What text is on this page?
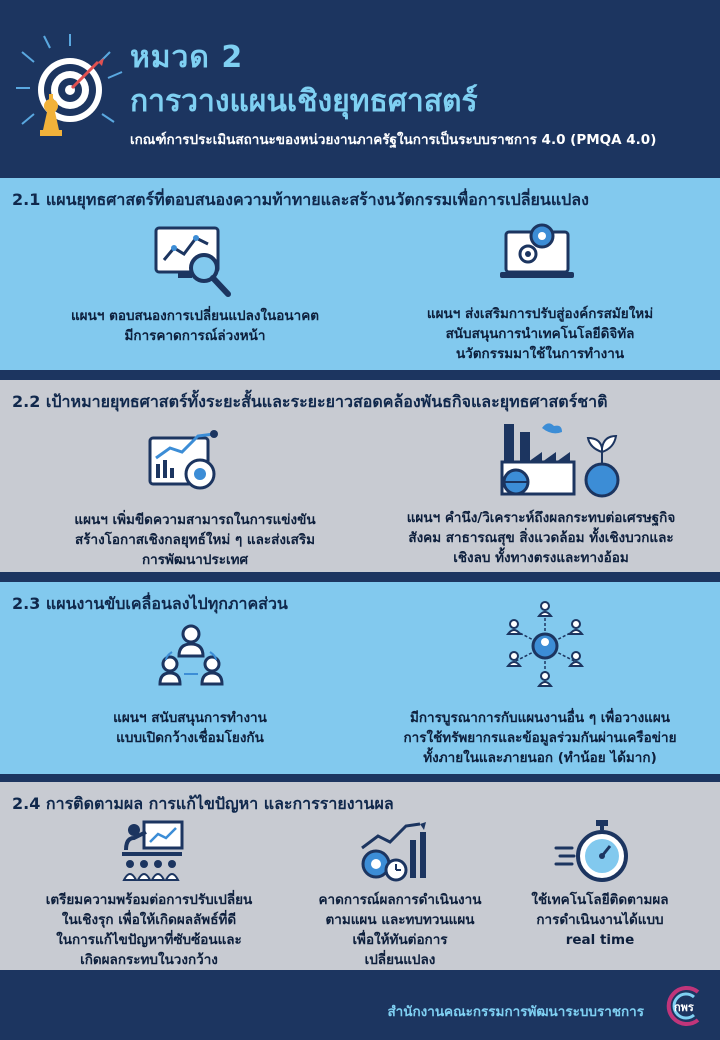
หมวด 2
การวางแผนเชิงยุทธศาสตร์
เกณฑ์การประเมินสถานะของหน่วยงานภาครัฐในการเป็นระบบราชการ 4.0 (PMQA 4.0)
2.1 แผนยุทธศาสตร์ที่ตอบสนองความท้าทายและสร้างนวัตกรรมเพื่อการเปลี่ยนแปลง
แผนฯ ตอบสนองการเปลี่ยนแปลงในอนาคต
มีการคาดการณ์ล่วงหน้า
แผนฯ ส่งเสริมการปรับสู่องค์กรสมัยใหม่
สนับสนุนการนำเทคโนโลยีดิจิทัล
นวัตกรรมมาใช้ในการทำงาน
2.2 เป้าหมายยุทธศาสตร์ทั้งระยะสั้นและระยะยาวสอดคล้องพันธกิจและยุทธศาสตร์ชาติ
แผนฯ เพิ่มขีดความสามารถในการแข่งขัน
สร้างโอกาสเชิงกลยุทธ์ใหม่ ๆ และส่งเสริม
การพัฒนาประเทศ
แผนฯ คำนึง/วิเคราะห์ถึงผลกระทบต่อเศรษฐกิจ
สังคม สาธารณสุข สิ่งแวดล้อม ทั้งเชิงบวกและ
เชิงลบ ทั้งทางตรงและทางอ้อม
2.3 แผนงานขับเคลื่อนลงไปทุกภาคส่วน
แผนฯ สนับสนุนการทำงาน
แบบเปิดกว้างเชื่อมโยงกัน
มีการบูรณาการกับแผนงานอื่น ๆ เพื่อวางแผน
การใช้ทรัพยากรและข้อมูลร่วมกันผ่านเครือข่าย
ทั้งภายในและภายนอก (ทำน้อย ได้มาก)
2.4 การติดตามผล การแก้ไขปัญหา และการรายงานผล
เตรียมความพร้อมต่อการปรับเปลี่ยน
ในเชิงรุก เพื่อให้เกิดผลลัพธ์ที่ดี
ในการแก้ไขปัญหาที่ซับซ้อนและ
เกิดผลกระทบในวงกว้าง
คาดการณ์ผลการดำเนินงาน
ตามแผน และทบทวนแผน
เพื่อให้ทันต่อการ
เปลี่ยนแปลง
ใช้เทคโนโลยีติดตามผล
การดำเนินงานได้แบบ
real time
สำนักงานคณะกรรมการพัฒนาระบบราชการ	กพร
